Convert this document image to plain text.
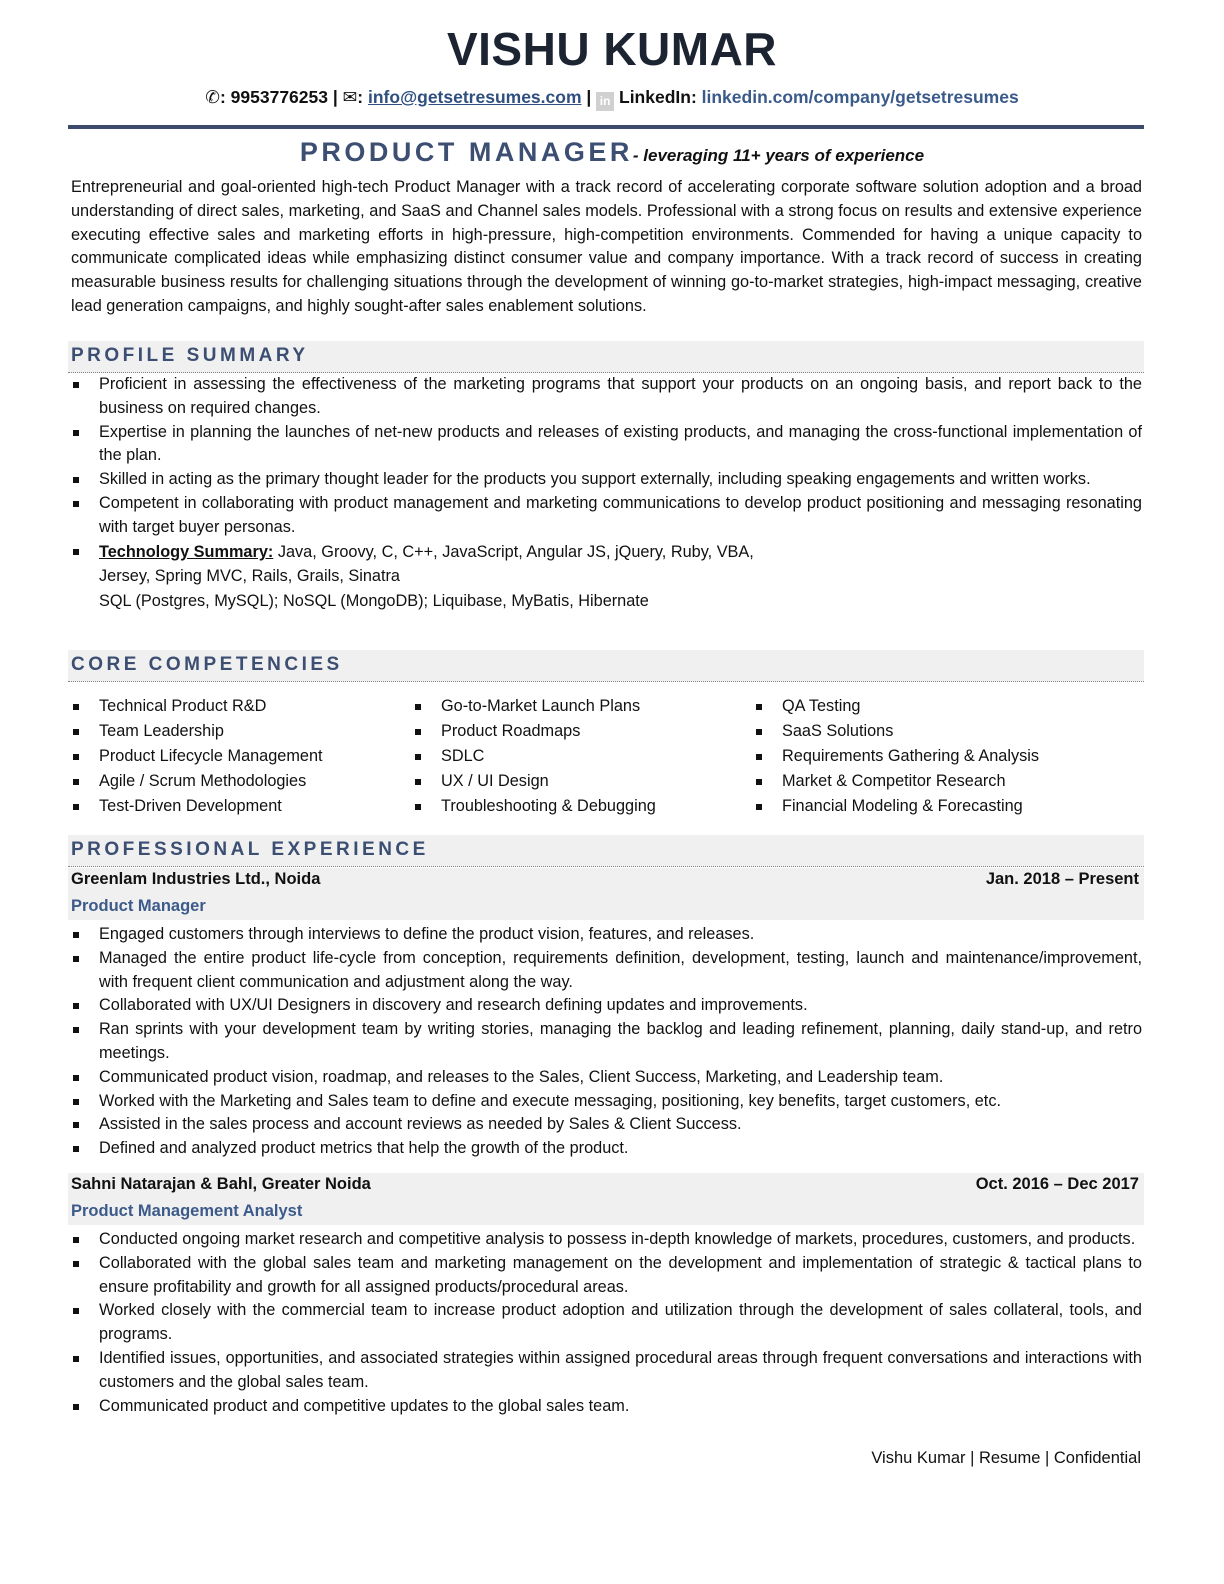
VISHU KUMAR
✆: 9953776253 | ✉: info@getsetresumes.com | in LinkedIn: linkedin.com/company/getsetresumes
PRODUCT MANAGER- leveraging 11+ years of experience

Entrepreneurial and goal-oriented high-tech Product Manager with a track record of accelerating corporate software solution adoption and a broad understanding of direct sales, marketing, and SaaS and Channel sales models. Professional with a strong focus on results and extensive experience executing effective sales and marketing efforts in high-pressure, high-competition environments. Commended for having a unique capacity to communicate complicated ideas while emphasizing distinct consumer value and company importance. With a track record of success in creating measurable business results for challenging situations through the development of winning go-to-market strategies, high-impact messaging, creative lead generation campaigns, and highly sought-after sales enablement solutions.

PROFILE SUMMARY
Proficient in assessing the effectiveness of the marketing programs that support your products on an ongoing basis, and report back to the business on required changes.
Expertise in planning the launches of net-new products and releases of existing products, and managing the cross-functional implementation of the plan.
Skilled in acting as the primary thought leader for the products you support externally, including speaking engagements and written works.
Competent in collaborating with product management and marketing communications to develop product positioning and messaging resonating with target buyer personas.
Technology Summary: Java, Groovy, C, C++, JavaScript, Angular JS, jQuery, Ruby, VBA,
Jersey, Spring MVC, Rails, Grails, Sinatra
SQL (Postgres, MySQL); NoSQL (MongoDB); Liquibase, MyBatis, Hibernate
CORE COMPETENCIES
Technical Product R&D
Team Leadership
Product Lifecycle Management
Agile / Scrum Methodologies
Test-Driven Development
Go-to-Market Launch Plans
Product Roadmaps
SDLC
UX / UI Design
Troubleshooting & Debugging
QA Testing
SaaS Solutions
Requirements Gathering & Analysis
Market & Competitor Research
Financial Modeling & Forecasting
PROFESSIONAL EXPERIENCE
Greenlam Industries Ltd., Noida	Jan. 2018 – Present
Product Manager
Engaged customers through interviews to define the product vision, features, and releases.
Managed the entire product life-cycle from conception, requirements definition, development, testing, launch and maintenance/improvement, with frequent client communication and adjustment along the way.
Collaborated with UX/UI Designers in discovery and research defining updates and improvements.
Ran sprints with your development team by writing stories, managing the backlog and leading refinement, planning, daily stand-up, and retro meetings.
Communicated product vision, roadmap, and releases to the Sales, Client Success, Marketing, and Leadership team.
Worked with the Marketing and Sales team to define and execute messaging, positioning, key benefits, target customers, etc.
Assisted in the sales process and account reviews as needed by Sales & Client Success.
Defined and analyzed product metrics that help the growth of the product.
Sahni Natarajan & Bahl, Greater Noida	Oct. 2016 – Dec 2017
Product Management Analyst
Conducted ongoing market research and competitive analysis to possess in-depth knowledge of markets, procedures, customers, and products.
Collaborated with the global sales team and marketing management on the development and implementation of strategic & tactical plans to ensure profitability and growth for all assigned products/procedural areas.
Worked closely with the commercial team to increase product adoption and utilization through the development of sales collateral, tools, and programs.
Identified issues, opportunities, and associated strategies within assigned procedural areas through frequent conversations and interactions with customers and the global sales team.
Communicated product and competitive updates to the global sales team.
Vishu Kumar | Resume | Confidential
